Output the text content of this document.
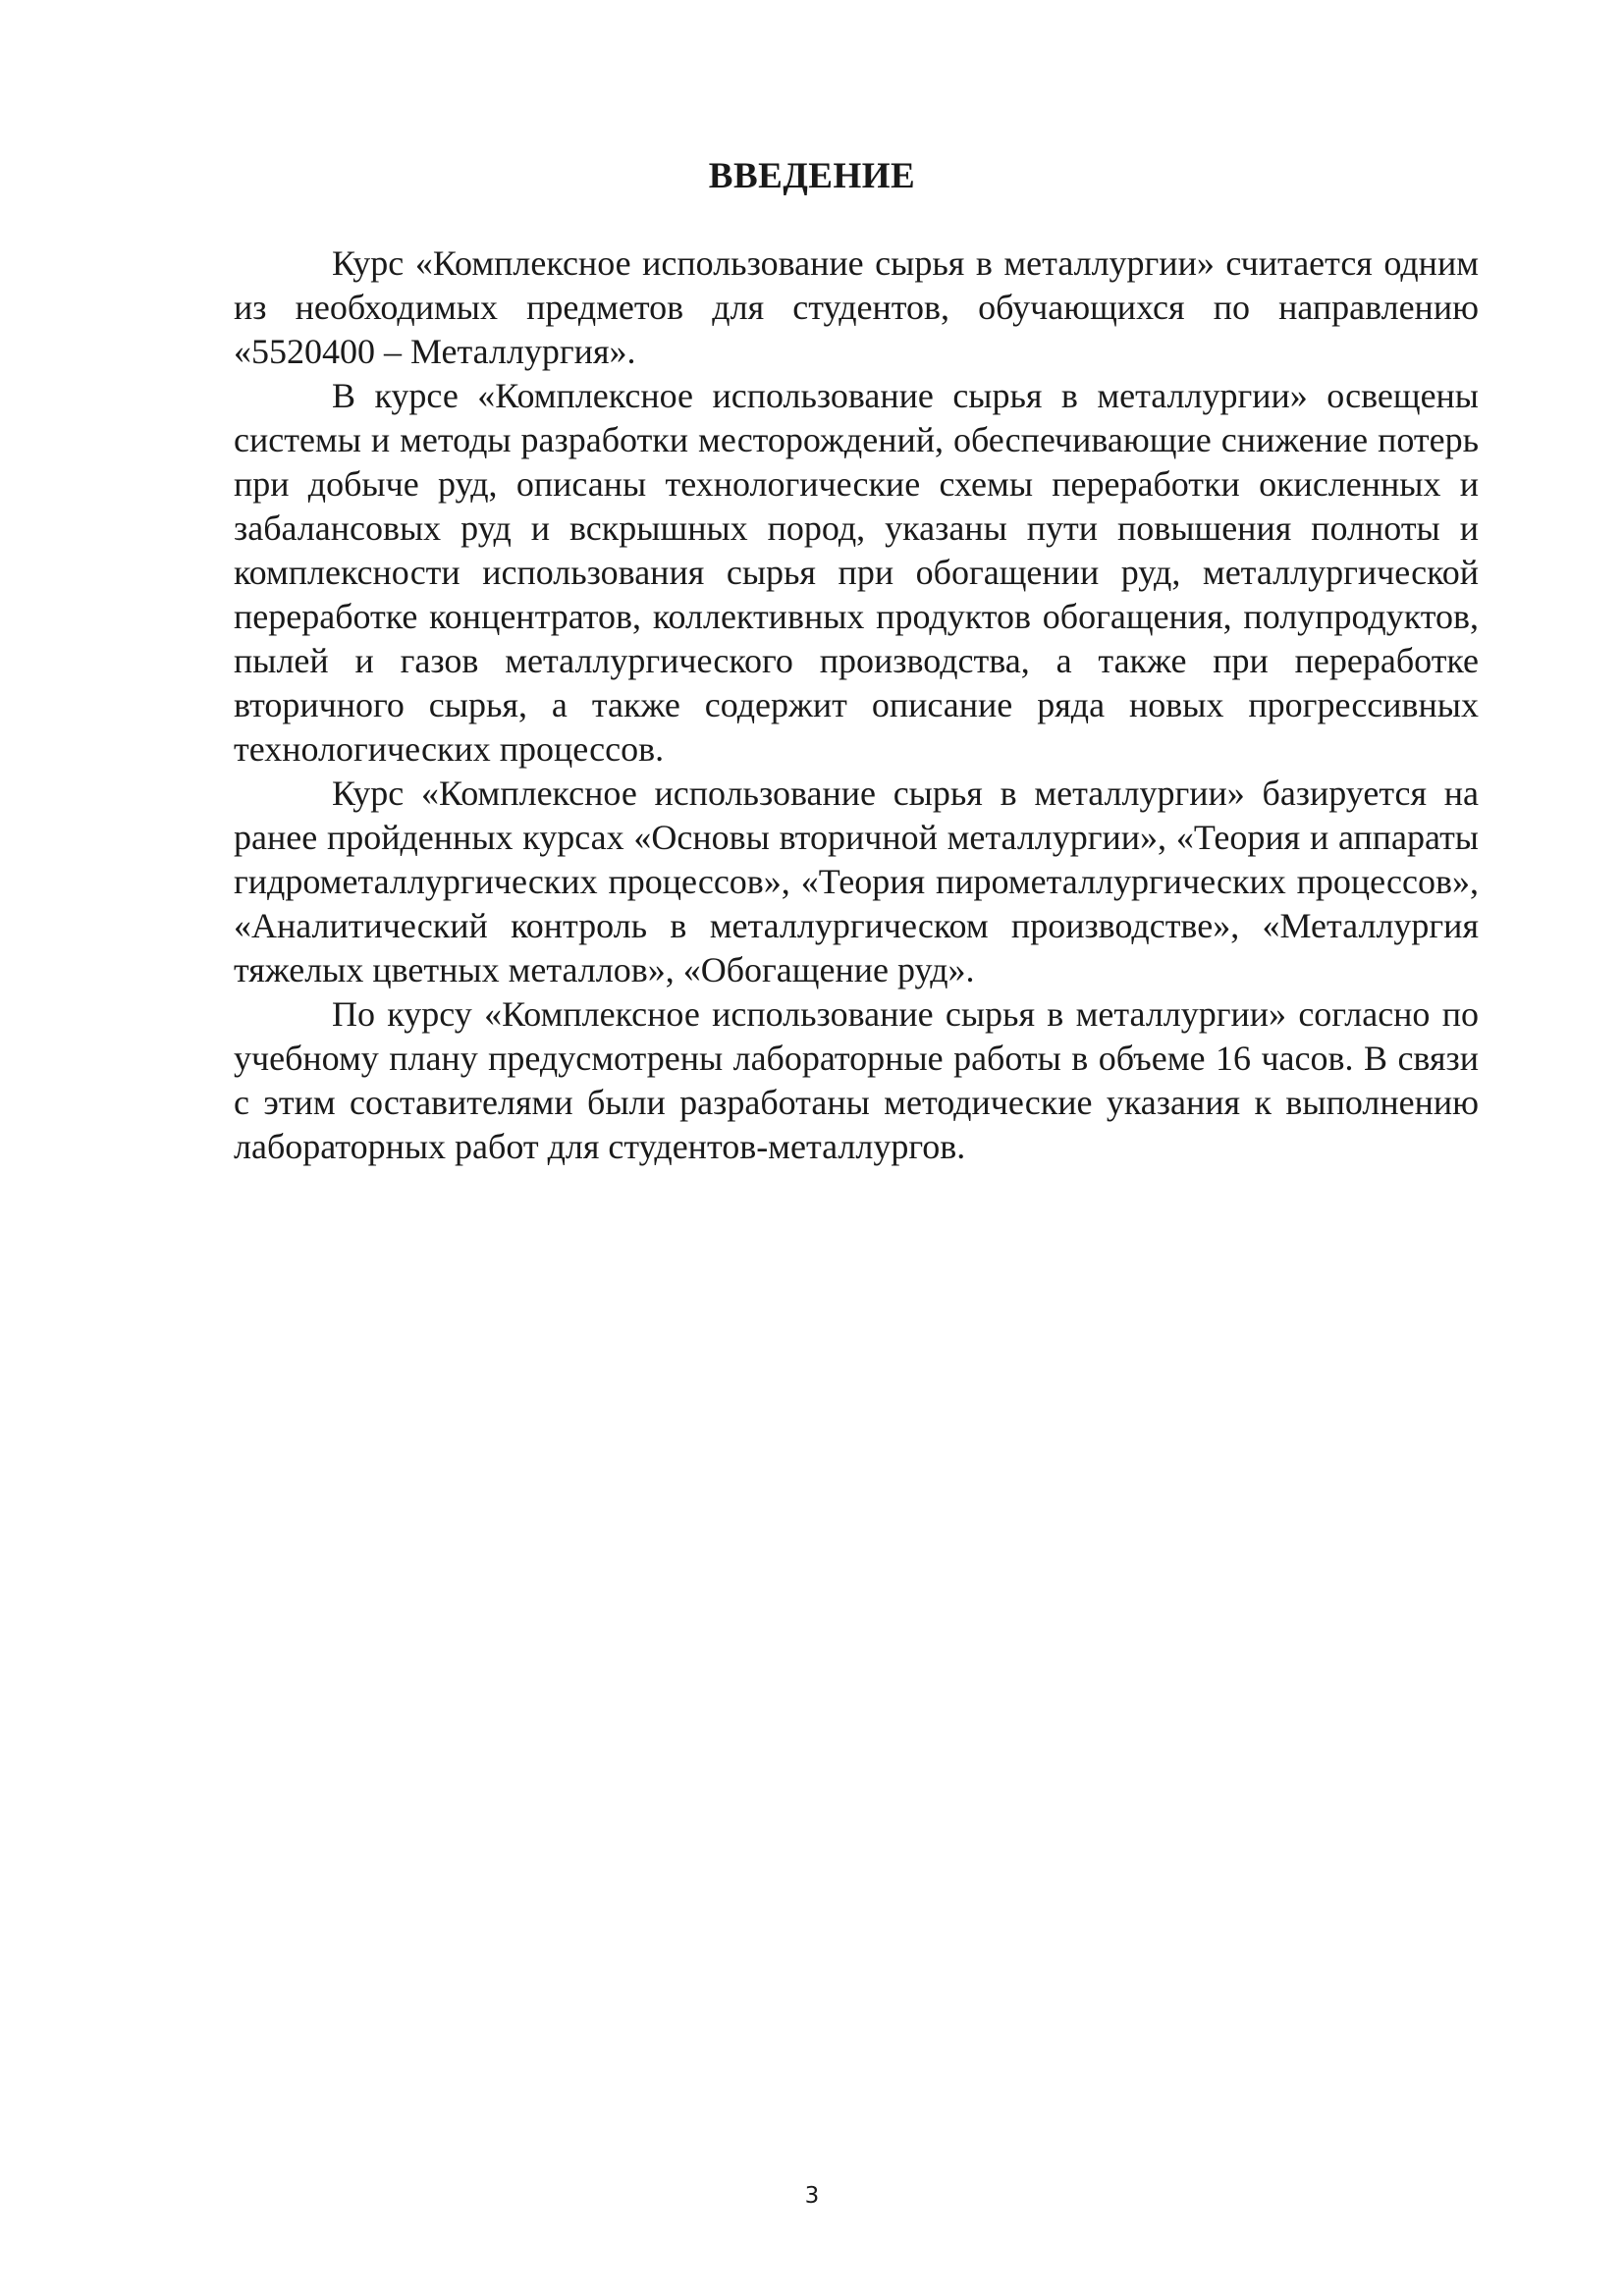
ВВЕДЕНИЕ

Курс «Комплексное использование сырья в металлургии» считается одним из необходимых предметов для студентов, обучающихся по направлению «5520400 – Металлургия».

В курсе «Комплексное использование сырья в металлургии» освещены системы и методы разработки месторождений, обеспечивающие снижение потерь при добыче руд, описаны технологические схемы переработки окисленных и забалансовых руд и вскрышных пород, указаны пути повышения полноты и комплексности использования сырья при обогащении руд, металлургической переработке концентратов, коллективных продуктов обогащения, полупродуктов, пылей и газов металлургического производства, а также при переработке вторичного сырья, а также содержит описание ряда новых прогрессивных технологических процессов.

Курс «Комплексное использование сырья в металлургии» базируется на ранее пройденных курсах «Основы вторичной металлургии», «Теория и аппараты гидрометаллургических процессов», «Теория пирометаллургических процессов», «Аналитический контроль в металлургическом производстве», «Металлургия тяжелых цветных металлов», «Обогащение руд».

По курсу «Комплексное использование сырья в металлургии» согласно по учебному плану предусмотрены лабораторные работы в объеме 16 часов. В связи с этим составителями были разработаны методические указания к выполнению лабораторных работ для студентов-металлургов.

3
